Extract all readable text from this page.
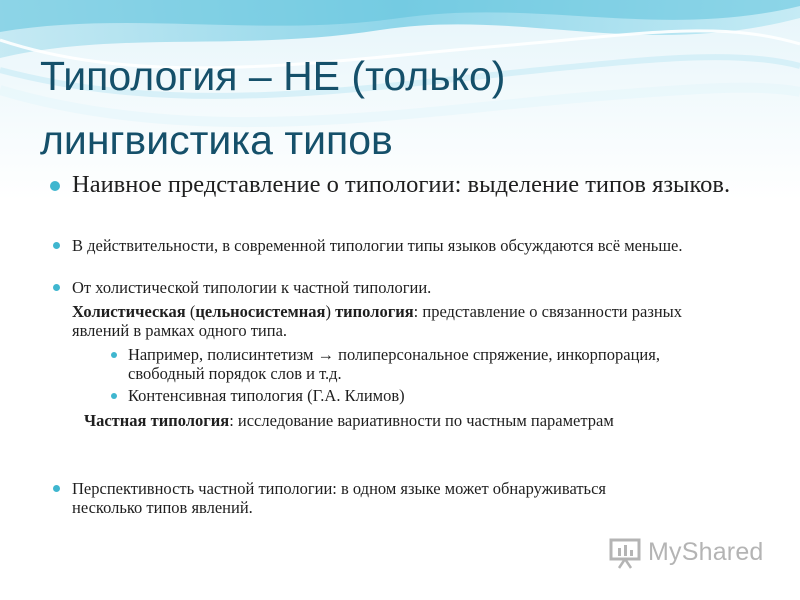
Типология – НЕ (только)
лингвистика типов
Наивное представление о типологии: выделение типов языков.
В действительности, в современной типологии типы языков обсуждаются всё меньше.
От холистической типологии к частной типологии.
Холистическая (цельносистемная) типология: представление о связанности разных явлений в рамках одного типа.
Например, полисинтетизм → полиперсональное спряжение, инкорпорация, свободный порядок слов и т.д.
Контенсивная типология (Г.А. Климов)
Частная типология: исследование вариативности по частным параметрам
Перспективность частной типологии: в одном языке может обнаруживаться несколько типов явлений.
MyShared
